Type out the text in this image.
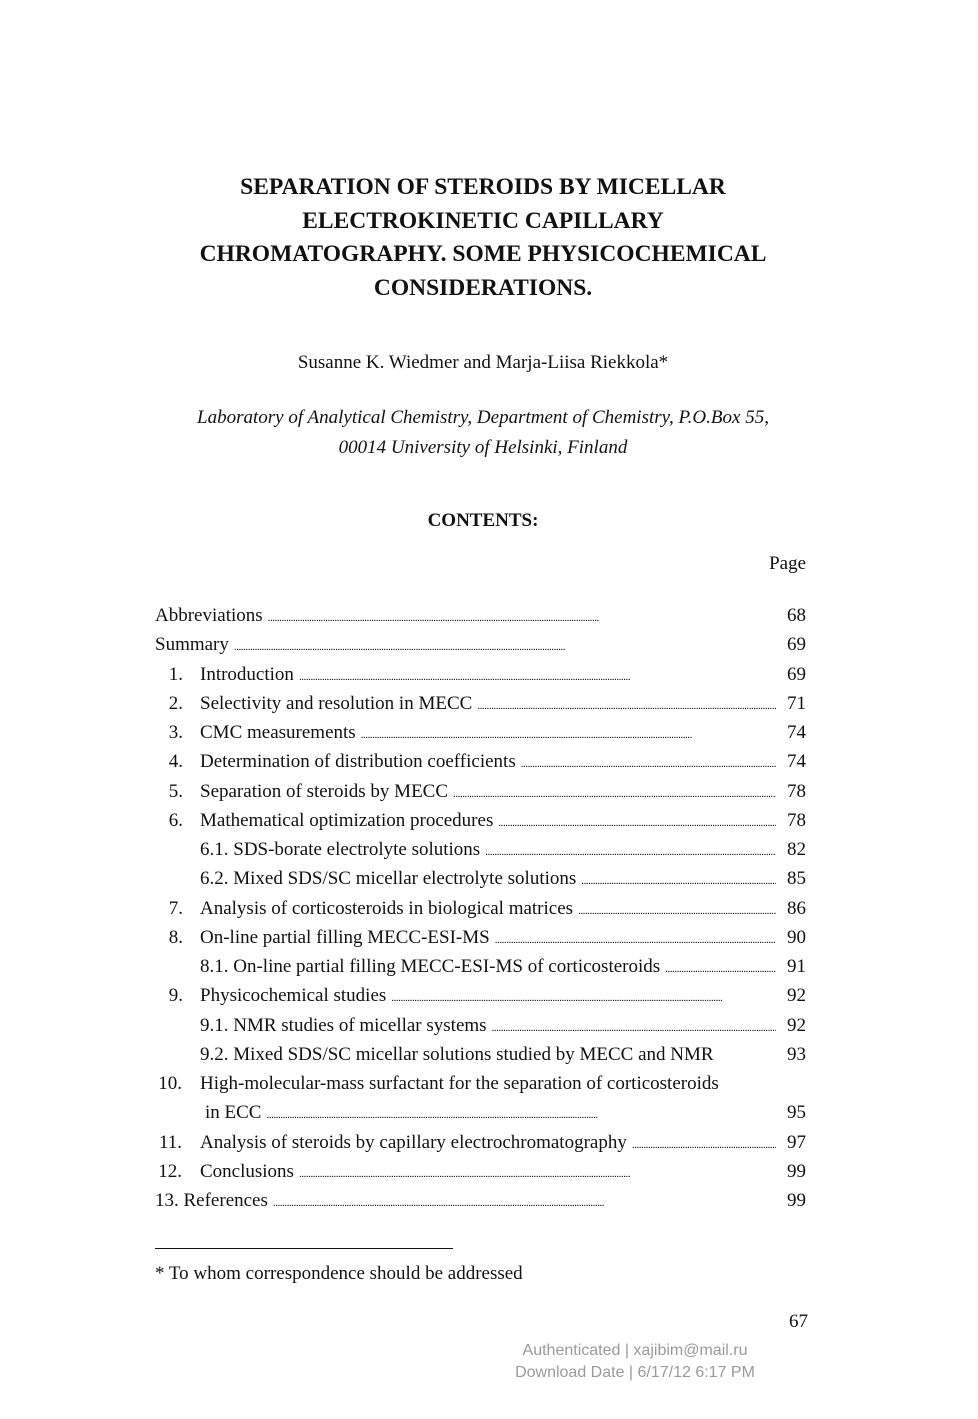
SEPARATION OF STEROIDS BY MICELLAR
ELECTROKINETIC CAPILLARY
CHROMATOGRAPHY. SOME PHYSICOCHEMICAL
CONSIDERATIONS.
Susanne K. Wiedmer and Marja-Liisa Riekkola*
Laboratory of Analytical Chemistry, Department of Chemistry, P.O.Box 55,
00014 University of Helsinki, Finland
CONTENTS:
Page
Abbreviations . . .	68
Summary . . .	69
1. Introduction . . .	69
2. Selectivity and resolution in MECC . . .	71
3. CMC measurements . . .	74
4. Determination of distribution coefficients . . .	74
5. Separation of steroids by MECC . . .	78
6. Mathematical optimization procedures . . .	78
6.1. SDS-borate electrolyte solutions . . .	82
6.2. Mixed SDS/SC micellar electrolyte solutions . . .	85
7. Analysis of corticosteroids in biological matrices . . .	86
8. On-line partial filling MECC-ESI-MS . . .	90
8.1. On-line partial filling MECC-ESI-MS of corticosteroids . . .	91
9. Physicochemical studies . . .	92
9.1. NMR studies of micellar systems . . .	92
9.2. Mixed SDS/SC micellar solutions studied by MECC and NMR	93
10. High-molecular-mass surfactant for the separation of corticosteroids
in ECC . . .	95
11. Analysis of steroids by capillary electrochromatography . . .	97
12. Conclusions . . .	99
13. References . . .	99
* To whom correspondence should be addressed
67
Authenticated | xajibim@mail.ru
Download Date | 6/17/12 6:17 PM
